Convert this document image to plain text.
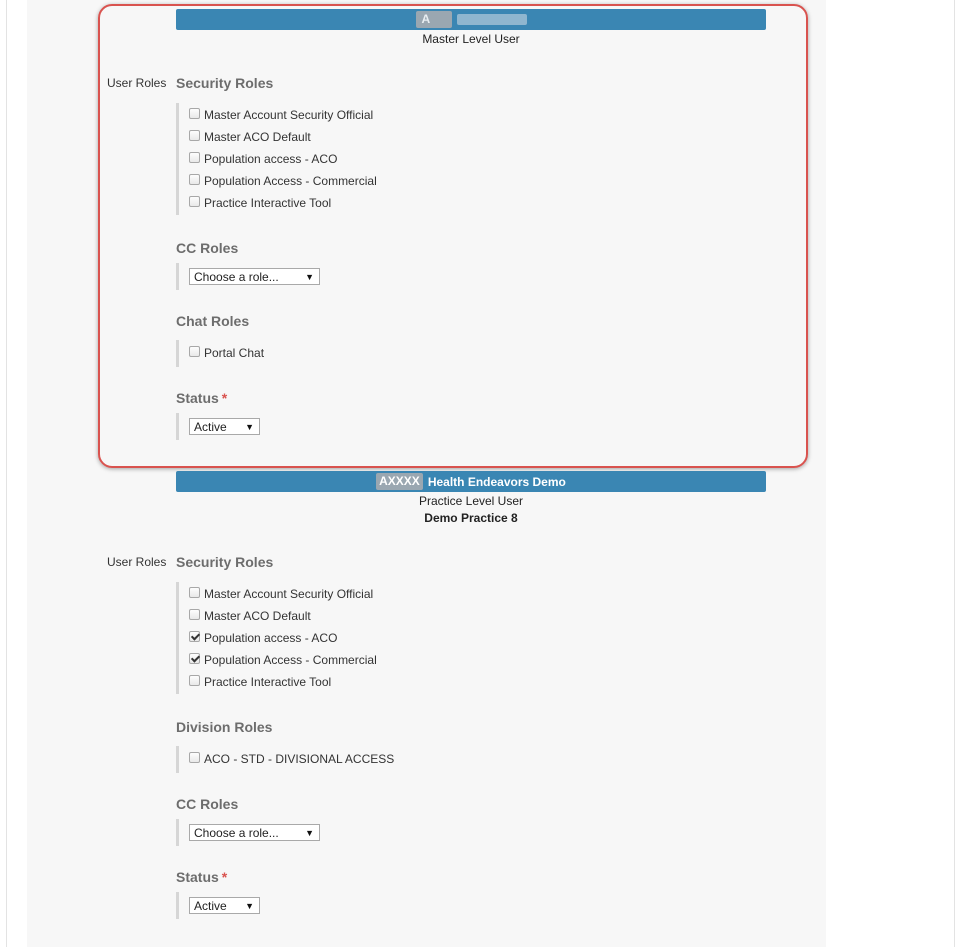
A
Master Level User
User Roles Security Roles
Master Account Security Official
Master ACO Default
Population access - ACO
Population Access - Commercial
Practice Interactive Tool
CC Roles
Choose a role...	▼
Chat Roles
Portal Chat
Status *
Active ▼
AXXXX Health Endeavors Demo
Practice Level User
Demo Practice 8
User Roles Security Roles
Master Account Security Official
Master ACO Default
Population access - ACO
Population Access - Commercial
Practice Interactive Tool
Division Roles
ACO - STD - DIVISIONAL ACCESS
CC Roles
Choose a role...	▼
Status *
Active ▼
